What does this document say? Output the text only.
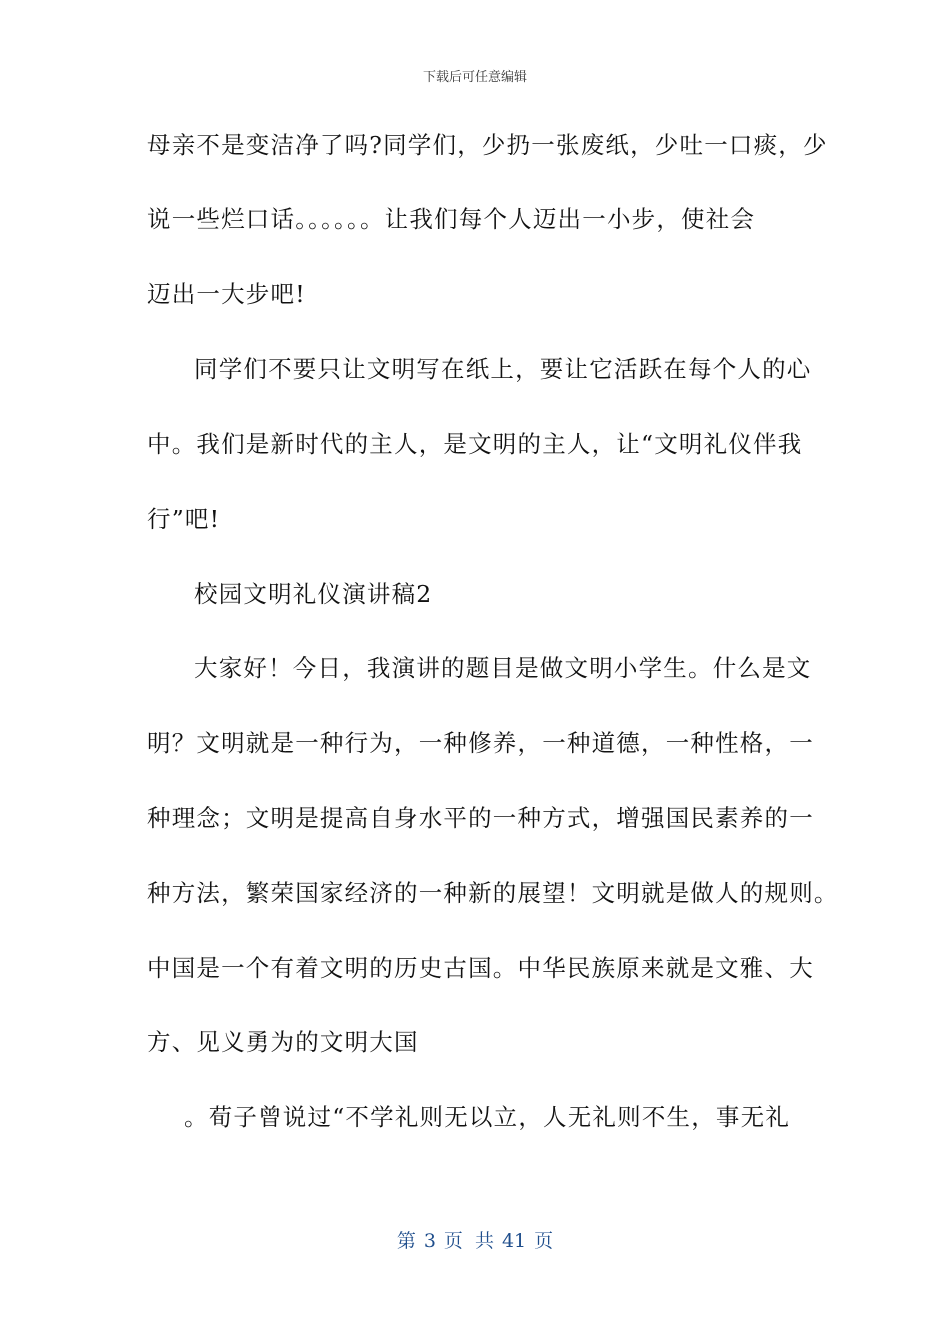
下载后可任意编辑
母亲不是变洁净了吗?同学们，少扔一张废纸，少吐一口痰，少
说一些烂口话。。。。。。让我们每个人迈出一小步，使社会
迈出一大步吧!
同学们不要只让文明写在纸上，要让它活跃在每个人的心
中。我们是新时代的主人，是文明的主人，让“文明礼仪伴我
行”吧!
校园文明礼仪演讲稿2
大家好！今日，我演讲的题目是做文明小学生。什么是文
明？文明就是一种行为，一种修养，一种道德，一种性格，一
种理念；文明是提高自身水平的一种方式，增强国民素养的一
种方法，繁荣国家经济的一种新的展望！文明就是做人的规则。
中国是一个有着文明的历史古国。中华民族原来就是文雅、大
方、见义勇为的文明大国
。荀子曾说过“不学礼则无以立，人无礼则不生，事无礼
第 3 页 共 41 页
